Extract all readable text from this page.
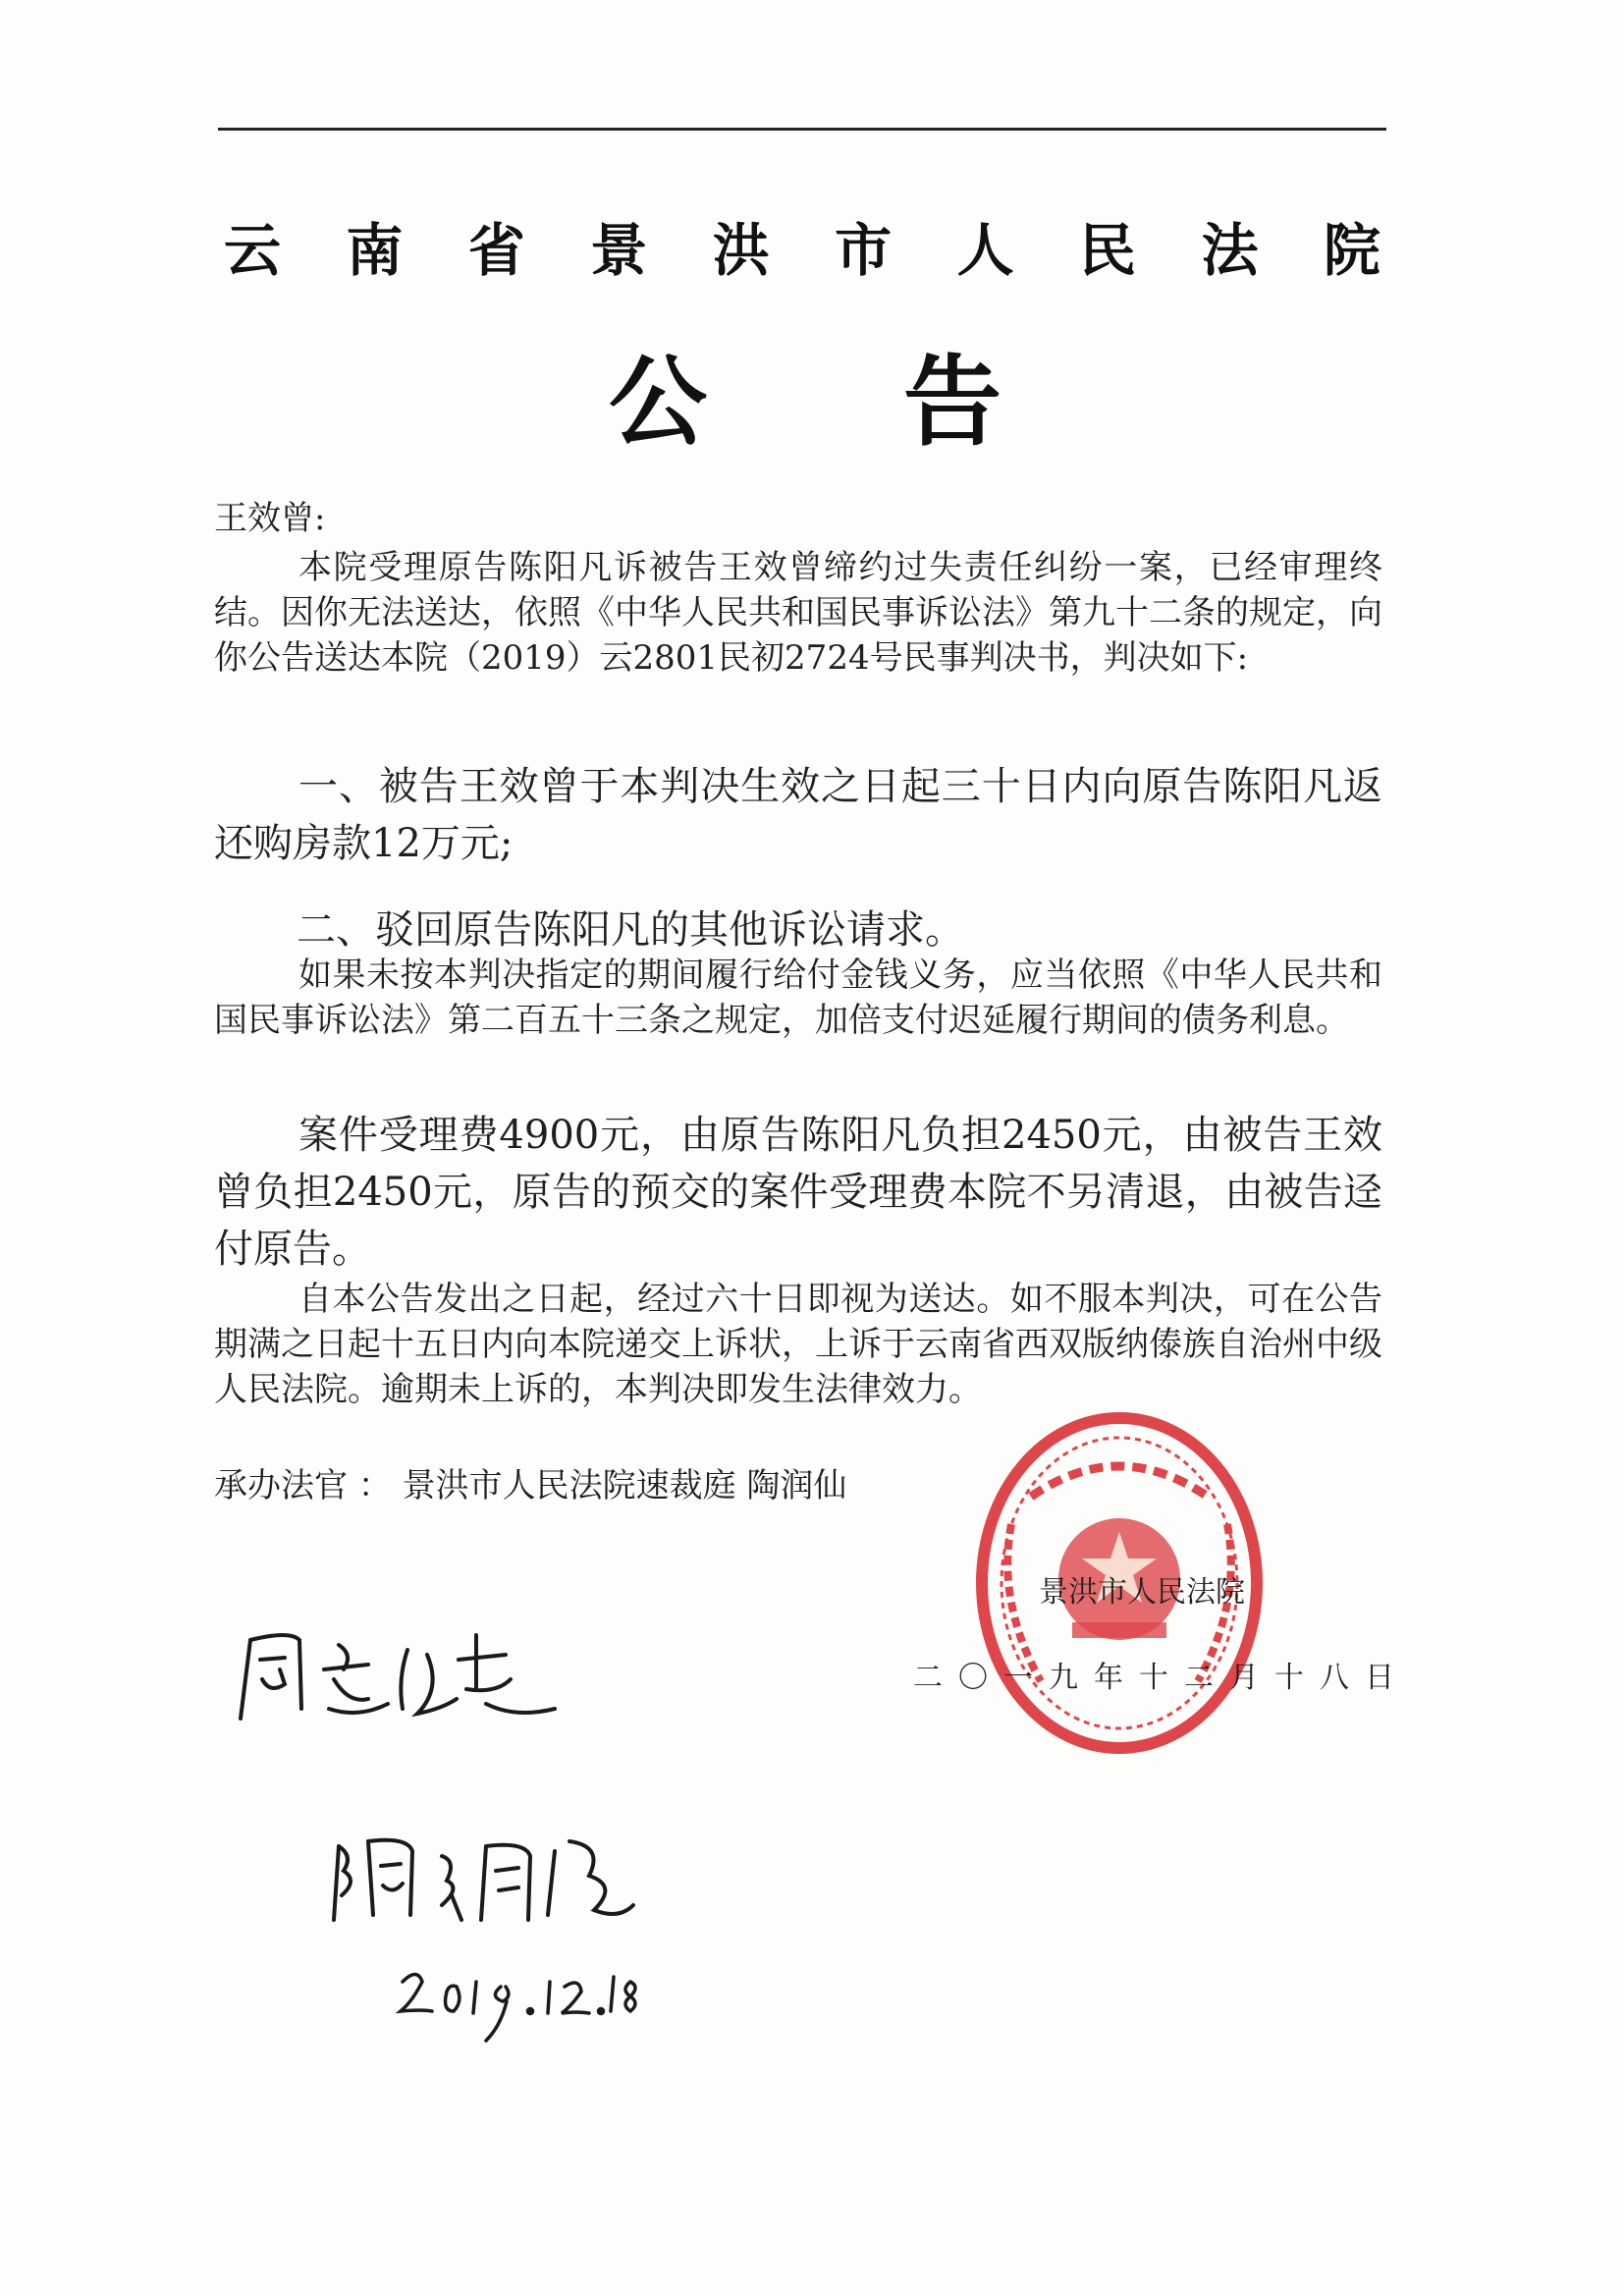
云 南 省 景 洪 市 人 民 法 院
公 告

王效曾:

本院受理原告陈阳凡诉被告王效曾缔约过失责任纠纷一案，已经审理终结。因你无法送达，依照《中华人民共和国民事诉讼法》第九十二条的规定，向你公告送达本院（2019）云2801民初2724号民事判决书，判决如下:

一、被告王效曾于本判决生效之日起三十日内向原告陈阳凡返还购房款12万元;

二、驳回原告陈阳凡的其他诉讼请求。

如果未按本判决指定的期间履行给付金钱义务，应当依照《中华人民共和国民事诉讼法》第二百五十三条之规定，加倍支付迟延履行期间的债务利息。

案件受理费4900元，由原告陈阳凡负担2450元，由被告王效曾负担2450元，原告的预交的案件受理费本院不另清退，由被告迳付原告。

自本公告发出之日起，经过六十日即视为送达。如不服本判决，可在公告期满之日起十五日内向本院递交上诉状，上诉于云南省西双版纳傣族自治州中级人民法院。逾期未上诉的，本判决即发生法律效力。

承办法官 ： 景洪市人民法院速裁庭 陶润仙

景洪市人民法院
二〇一九年十二月十八日
